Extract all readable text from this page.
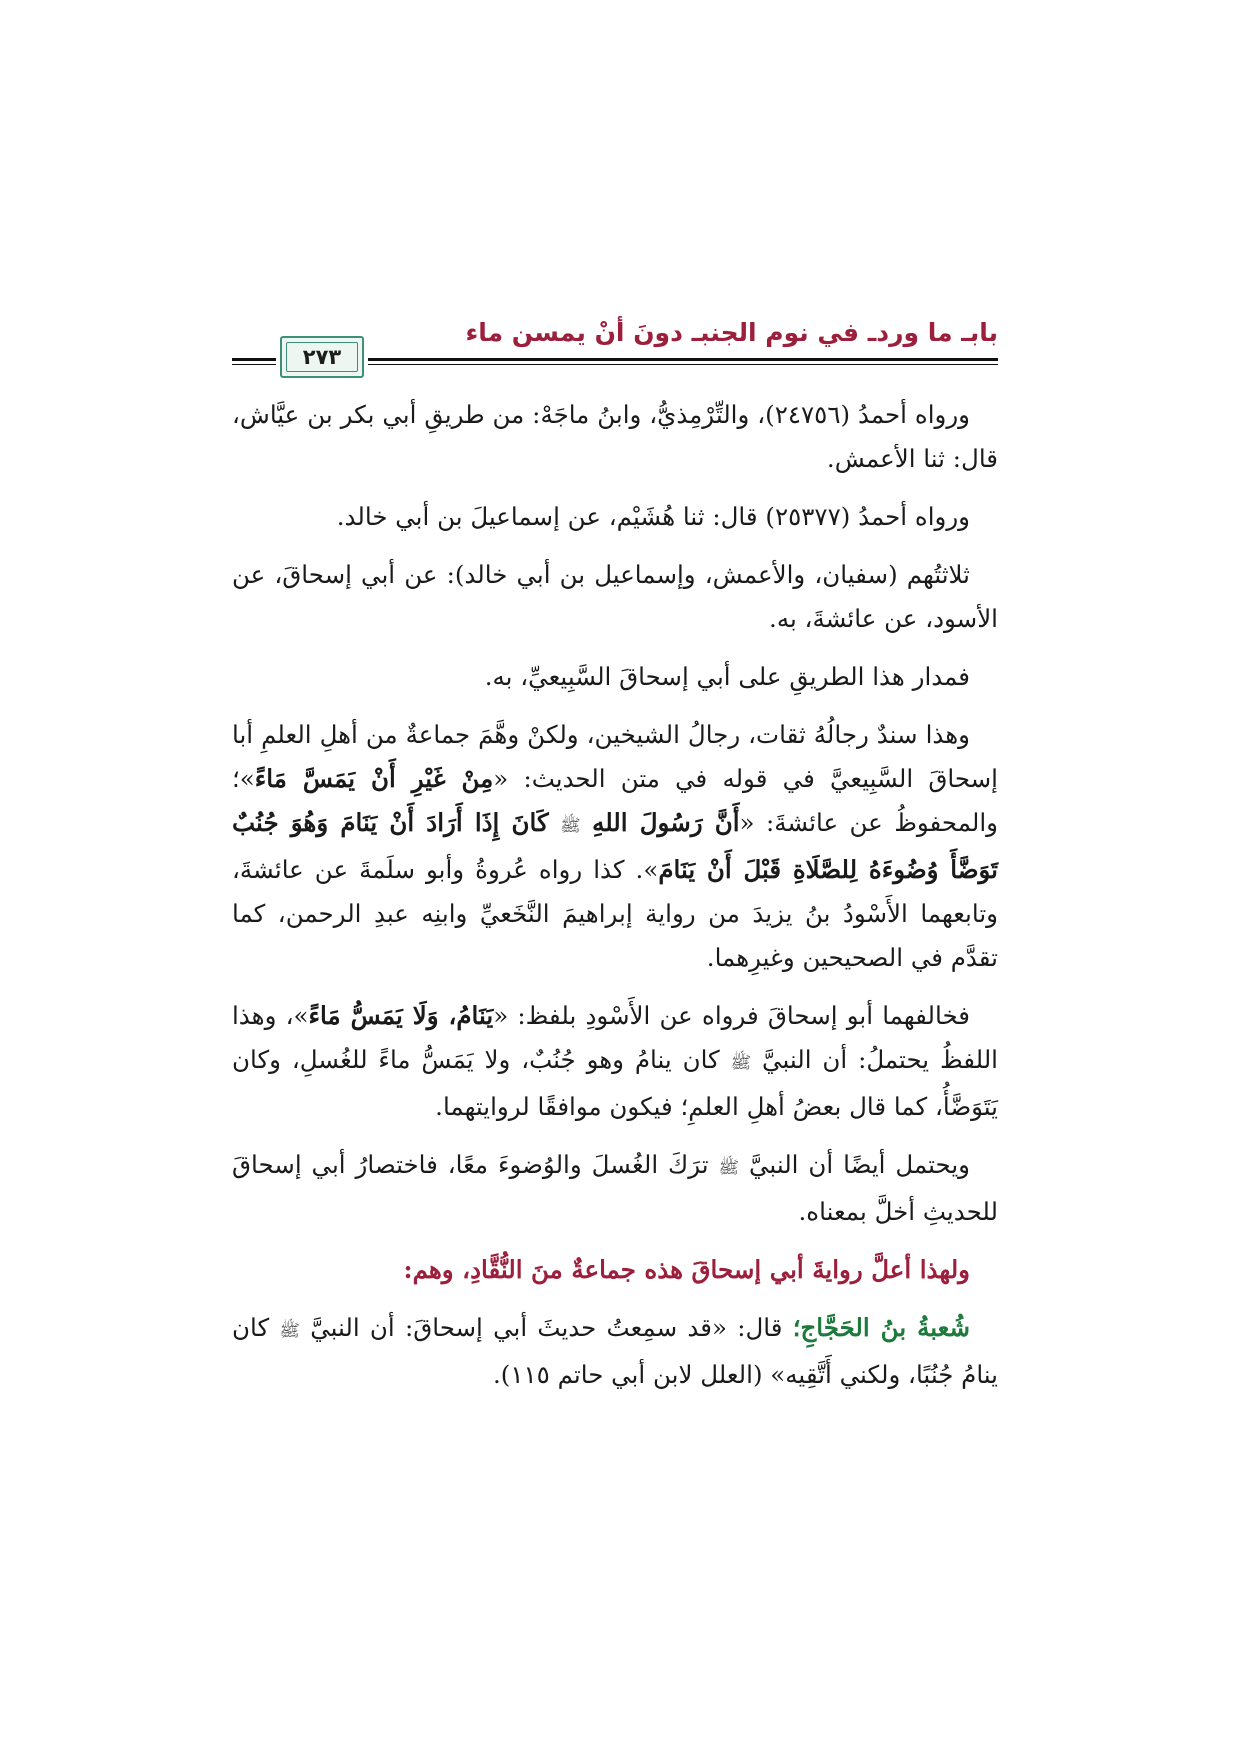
بابـ ما وردـ في نوم الجنبـ دونَ أنْ يمسن ماء
٢٧٣

ورواه أحمدُ (٢٤٧٥٦)، والتِّرْمِذيُّ، وابنُ ماجَهْ: من طريقِ أبي بكر بن عيَّاش، قال: ثنا الأعمش.

ورواه أحمدُ (٢٥٣٧٧) قال: ثنا هُشَيْم، عن إسماعيلَ بن أبي خالد.

ثلاثتُهم (سفيان، والأعمش، وإسماعيل بن أبي خالد): عن أبي إسحاقَ، عن الأسود، عن عائشةَ، به.

فمدار هذا الطريقِ على أبي إسحاقَ السَّبِيعيِّ، به.

وهذا سندٌ رجالُهُ ثقات، رجالُ الشيخين، ولكنْ وهَّمَ جماعةٌ من أهلِ العلمِ أبا إسحاقَ السَّبِيعيَّ في قوله في متن الحديث: «مِنْ غَيْرِ أَنْ يَمَسَّ مَاءً»؛ والمحفوظُ عن عائشةَ: «أَنَّ رَسُولَ اللهِ ﷺ كَانَ إِذَا أَرَادَ أَنْ يَنَامَ وَهُوَ جُنُبٌ تَوَضَّأَ وُضُوءَهُ لِلصَّلَاةِ قَبْلَ أَنْ يَنَامَ». كذا رواه عُروةُ وأبو سلَمةَ عن عائشةَ، وتابعهما الأَسْودُ بنُ يزيدَ من رواية إبراهيمَ النَّخَعيِّ وابنِه عبدِ الرحمن، كما تقدَّم في الصحيحين وغيرِهما.

فخالفهما أبو إسحاقَ فرواه عن الأَسْودِ بلفظ: «يَنَامُ، وَلَا يَمَسُّ مَاءً»، وهذا اللفظُ يحتملُ: أن النبيَّ ﷺ كان ينامُ وهو جُنُبٌ، ولا يَمَسُّ ماءً للغُسلِ، وكان يَتَوَضَّأُ، كما قال بعضُ أهلِ العلمِ؛ فيكون موافقًا لروايتهما.

ويحتمل أيضًا أن النبيَّ ﷺ ترَكَ الغُسلَ والوُضوءَ معًا، فاختصارُ أبي إسحاقَ للحديثِ أخلَّ بمعناه.

ولهذا أعلَّ روايةَ أبي إسحاقَ هذه جماعةٌ منَ النُّقَّادِ، وهم:

شُعبةُ بنُ الحَجَّاجِ؛ قال: «قد سمِعتُ حديثَ أبي إسحاقَ: أن النبيَّ ﷺ كان ينامُ جُنُبًا، ولكني أَتَّقِيه» (العلل لابن أبي حاتم ١١٥).
